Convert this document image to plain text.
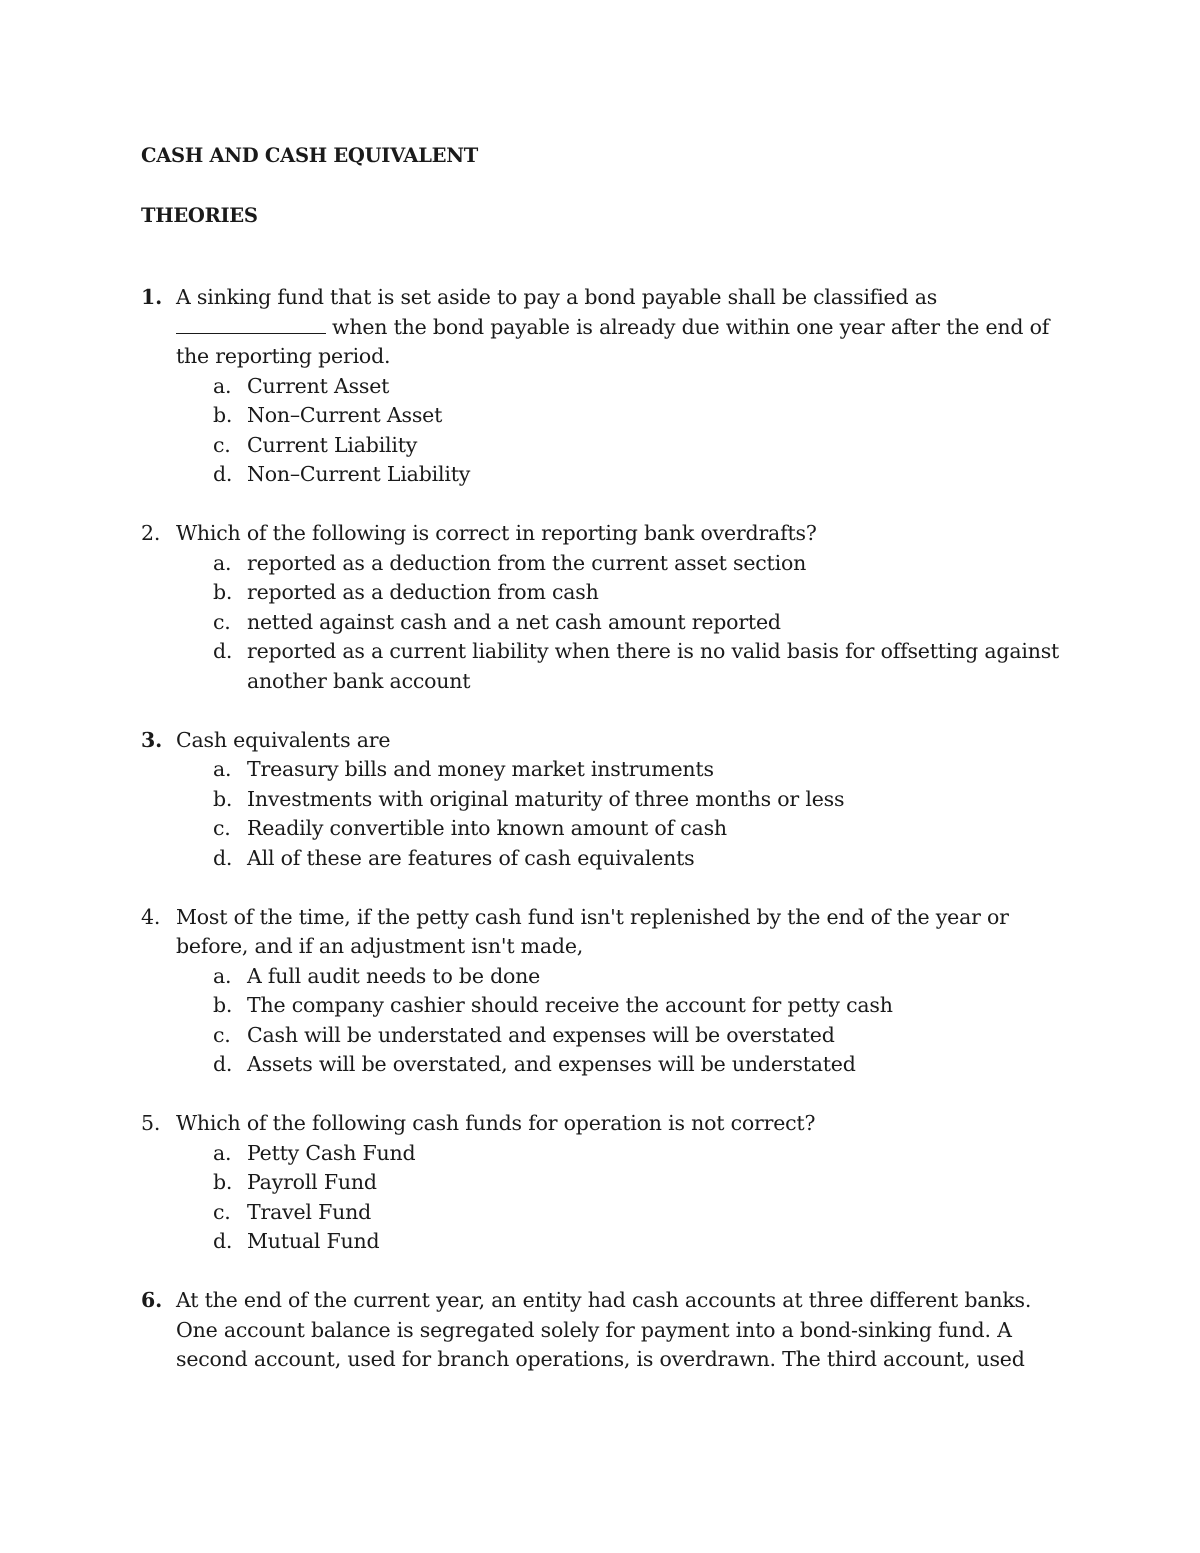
CASH AND CASH EQUIVALENT

THEORIES

1. A sinking fund that is set aside to pay a bond payable shall be classified as
when the bond payable is already due within one year after the end of the reporting period.
a. Current Asset
b. Non–Current Asset
c. Current Liability
d. Non–Current Liability
2. Which of the following is correct in reporting bank overdrafts?
a. reported as a deduction from the current asset section
b. reported as a deduction from cash
c. netted against cash and a net cash amount reported
d. reported as a current liability when there is no valid basis for offsetting against another bank account
3. Cash equivalents are
a. Treasury bills and money market instruments
b. Investments with original maturity of three months or less
c. Readily convertible into known amount of cash
d. All of these are features of cash equivalents
4. Most of the time, if the petty cash fund isn't replenished by the end of the year or before, and if an adjustment isn't made,
a. A full audit needs to be done
b. The company cashier should receive the account for petty cash
c. Cash will be understated and expenses will be overstated
d. Assets will be overstated, and expenses will be understated
5. Which of the following cash funds for operation is not correct?
a. Petty Cash Fund
b. Payroll Fund
c. Travel Fund
d. Mutual Fund
6. At the end of the current year, an entity had cash accounts at three different banks. One account balance is segregated solely for payment into a bond-sinking fund. A second account, used for branch operations, is overdrawn. The third account, used
